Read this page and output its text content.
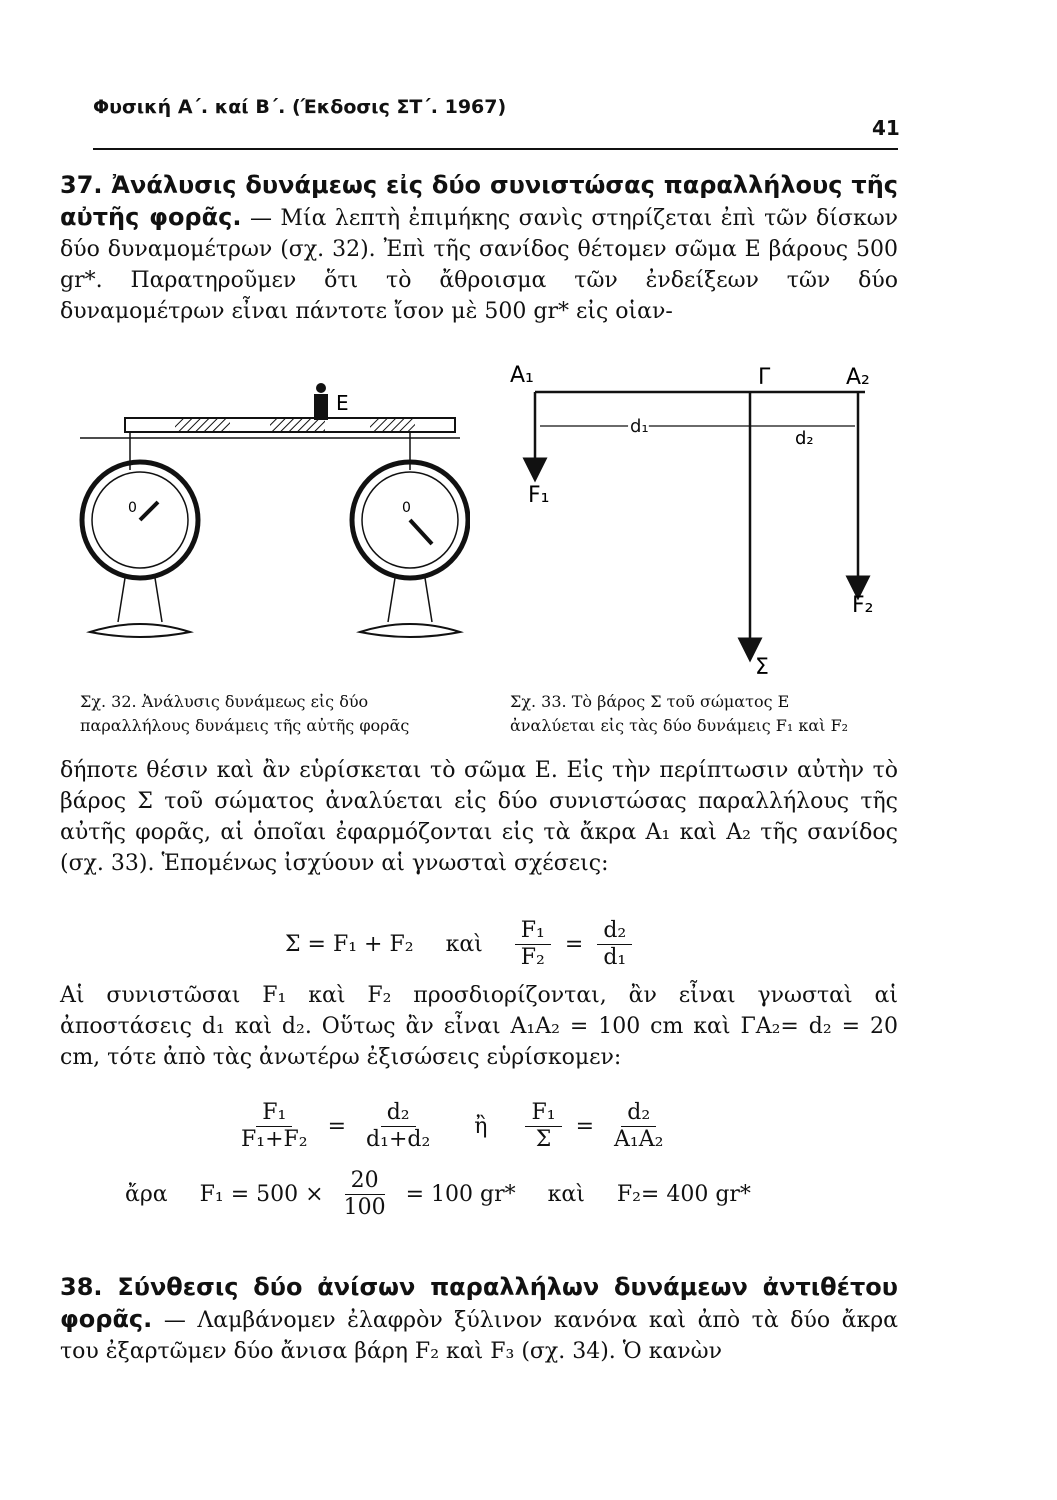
Φυσική Α΄. καί Β΄. (Έκδοσις ΣΤ΄. 1967)
41

37. Ἀνάλυσις δυνάμεως εἰς δύο συνιστώσας παραλλήλους τῆς αὐτῆς φορᾶς. — Μία λεπτὴ ἐπιμήκης σανὶς στηρίζεται ἐπὶ τῶν δίσκων δύο δυναμομέτρων (σχ. 32). Ἐπὶ τῆς σανίδος θέτομεν σῶμα Ε βάρους 500 gr*. Παρατηροῦμεν ὅτι τὸ ἄθροισμα τῶν ἐνδείξεων τῶν δύο δυναμομέτρων εἶναι πάντοτε ἴσον μὲ 500 gr* εἰς οἱαν-

E
0	0
A₁	Γ	A₂
d₁
d₂
F₁
F₂
Σ
Σχ. 32. Ἀνάλυσις δυνάμεως εἰς δύο
παραλλήλους δυνάμεις τῆς αὐτῆς φορᾶς
Σχ. 33. Τὸ βάρος Σ τοῦ σώματος Ε
ἀναλύεται εἰς τὰς δύο δυνάμεις F₁ καὶ F₂

δήποτε θέσιν καὶ ἂν εὑρίσκεται τὸ σῶμα Ε. Εἰς τὴν περίπτωσιν αὐτὴν τὸ βάρος Σ τοῦ σώματος ἀναλύεται εἰς δύο συνιστώσας παραλλήλους τῆς αὐτῆς φορᾶς, αἱ ὁποῖαι ἐφαρμόζονται εἰς τὰ ἄκρα A₁ καὶ A₂ τῆς σανίδος (σχ. 33). Ἑπομένως ἰσχύουν αἱ γνωσταὶ σχέσεις:

Σ = F₁ + F₂ καὶ $\frac{\text{F₁}}{\text{F₂}} = \frac{\text{d₂}}{\text{d₁}}$

Αἱ συνιστῶσαι F₁ καὶ F₂ προσδιορίζονται, ἂν εἶναι γνωσταὶ αἱ ἀποστάσεις d₁ καὶ d₂. Οὕτως ἂν εἶναι A₁A₂ = 100 cm καὶ ΓA₂= d₂ = 20 cm, τότε ἀπὸ τὰς ἀνωτέρω ἐξισώσεις εὑρίσκομεν:

$\frac{\text{F₁}}{\text{F₁+F₂}} = \frac{\text{d₂}}{\text{d₁+d₂}}$ ἢ $\frac{\text{F₁}}{\Sigma} = \frac{\text{d₂}}{\text{A₁A₂}}$
ἄρα $F_1 = 500 \times \frac{20}{100} = 100$ gr* καὶ F₂= 400 gr*

38. Σύνθεσις δύο ἀνίσων παραλλήλων δυνάμεων ἀντιθέτου φορᾶς. — Λαμβάνομεν ἐλαφρὸν ξύλινον κανόνα καὶ ἀπὸ τὰ δύο ἄκρα του ἐξαρτῶμεν δύο ἄνισα βάρη F₂ καὶ F₃ (σχ. 34). Ὁ κανὼν
